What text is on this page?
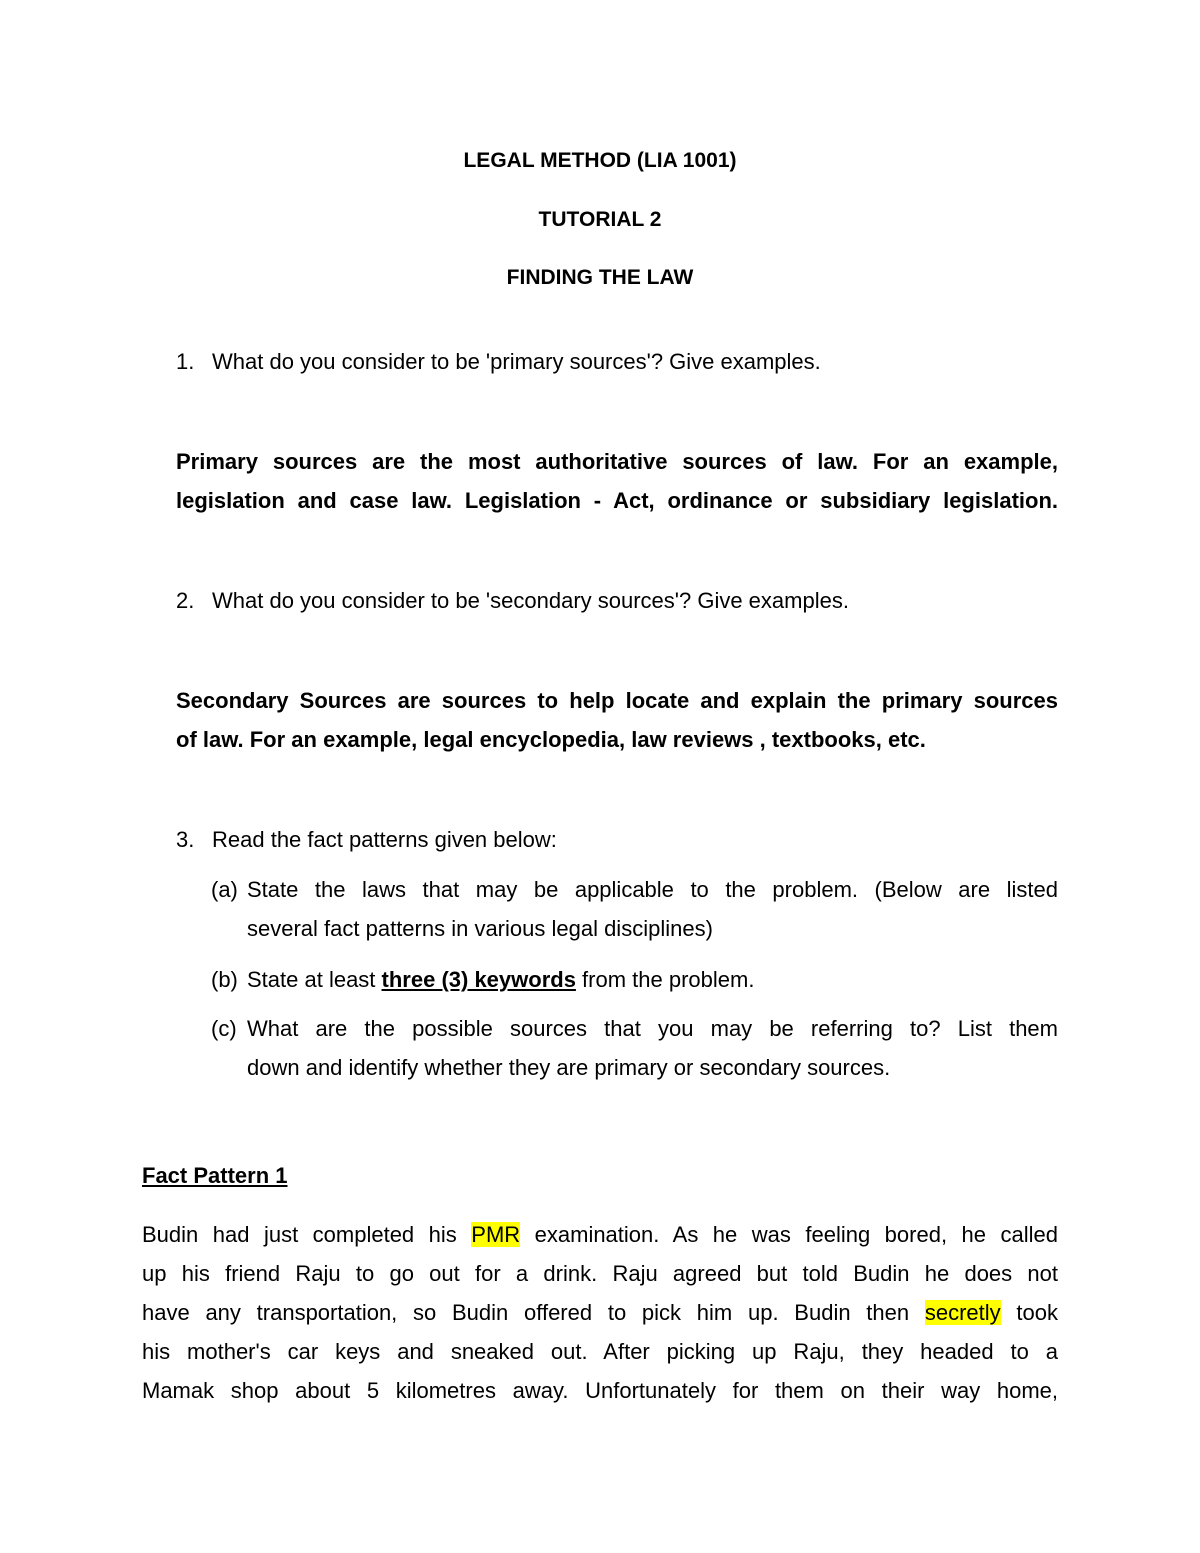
LEGAL METHOD (LIA 1001)
TUTORIAL 2
FINDING THE LAW
1. What do you consider to be 'primary sources'? Give examples.
Primary sources are the most authoritative sources of law. For an example,
legislation and case law. Legislation - Act, ordinance or subsidiary legislation.
2. What do you consider to be 'secondary sources'? Give examples.
Secondary Sources are sources to help locate and explain the primary sources
of law. For an example, legal encyclopedia, law reviews , textbooks, etc.
3. Read the fact patterns given below:
(a) State the laws that may be applicable to the problem. (Below are listed
several fact patterns in various legal disciplines)
(b) State at least three (3) keywords from the problem.
(c) What are the possible sources that you may be referring to? List them
down and identify whether they are primary or secondary sources.
Fact Pattern 1
Budin had just completed his PMR examination. As he was feeling bored, he called
up his friend Raju to go out for a drink. Raju agreed but told Budin he does not
have any transportation, so Budin offered to pick him up. Budin then secretly took
his mother's car keys and sneaked out. After picking up Raju, they headed to a
Mamak shop about 5 kilometres away. Unfortunately for them on their way home,
